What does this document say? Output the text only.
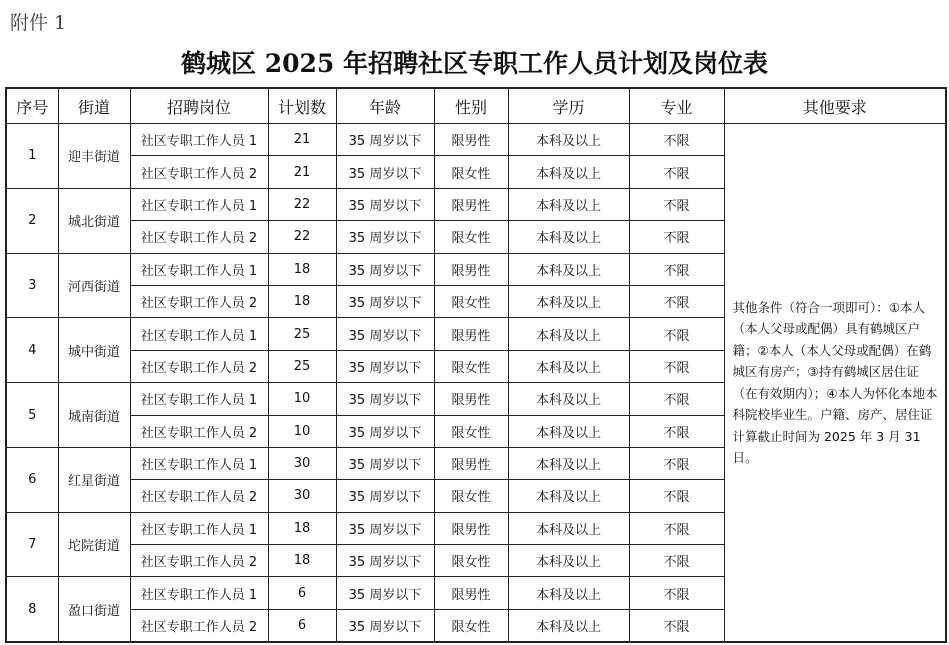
附件 1
鹤城区 2025 年招聘社区专职工作人员计划及岗位表
序号	街道	招聘岗位	计划数	年龄	性别	学历	专业	其他要求
1	迎丰街道	社区专职工作人员 1	21	35 周岁以下	限男性	本科及以上	不限	其他条件（符合一项即可）：①本人（本人父母或配偶）具有鹤城区户籍；②本人（本人父母或配偶）在鹤城区有房产；③持有鹤城区居住证（在有效期内）；④本人为怀化本地本科院校毕业生。户籍、房产、居住证计算截止时间为 2025 年 3 月 31 日。
		社区专职工作人员 2	21	35 周岁以下	限女性	本科及以上	不限	
2	城北街道	社区专职工作人员 1	22	35 周岁以下	限男性	本科及以上	不限	
		社区专职工作人员 2	22	35 周岁以下	限女性	本科及以上	不限	
3	河西街道	社区专职工作人员 1	18	35 周岁以下	限男性	本科及以上	不限	
		社区专职工作人员 2	18	35 周岁以下	限女性	本科及以上	不限	
4	城中街道	社区专职工作人员 1	25	35 周岁以下	限男性	本科及以上	不限	
		社区专职工作人员 2	25	35 周岁以下	限女性	本科及以上	不限	
5	城南街道	社区专职工作人员 1	10	35 周岁以下	限男性	本科及以上	不限	
		社区专职工作人员 2	10	35 周岁以下	限女性	本科及以上	不限	
6	红星街道	社区专职工作人员 1	30	35 周岁以下	限男性	本科及以上	不限	
		社区专职工作人员 2	30	35 周岁以下	限女性	本科及以上	不限	
7	坨院街道	社区专职工作人员 1	18	35 周岁以下	限男性	本科及以上	不限	
		社区专职工作人员 2	18	35 周岁以下	限女性	本科及以上	不限	
8	盈口街道	社区专职工作人员 1	6	35 周岁以下	限男性	本科及以上	不限	
		社区专职工作人员 2	6	35 周岁以下	限女性	本科及以上	不限	
